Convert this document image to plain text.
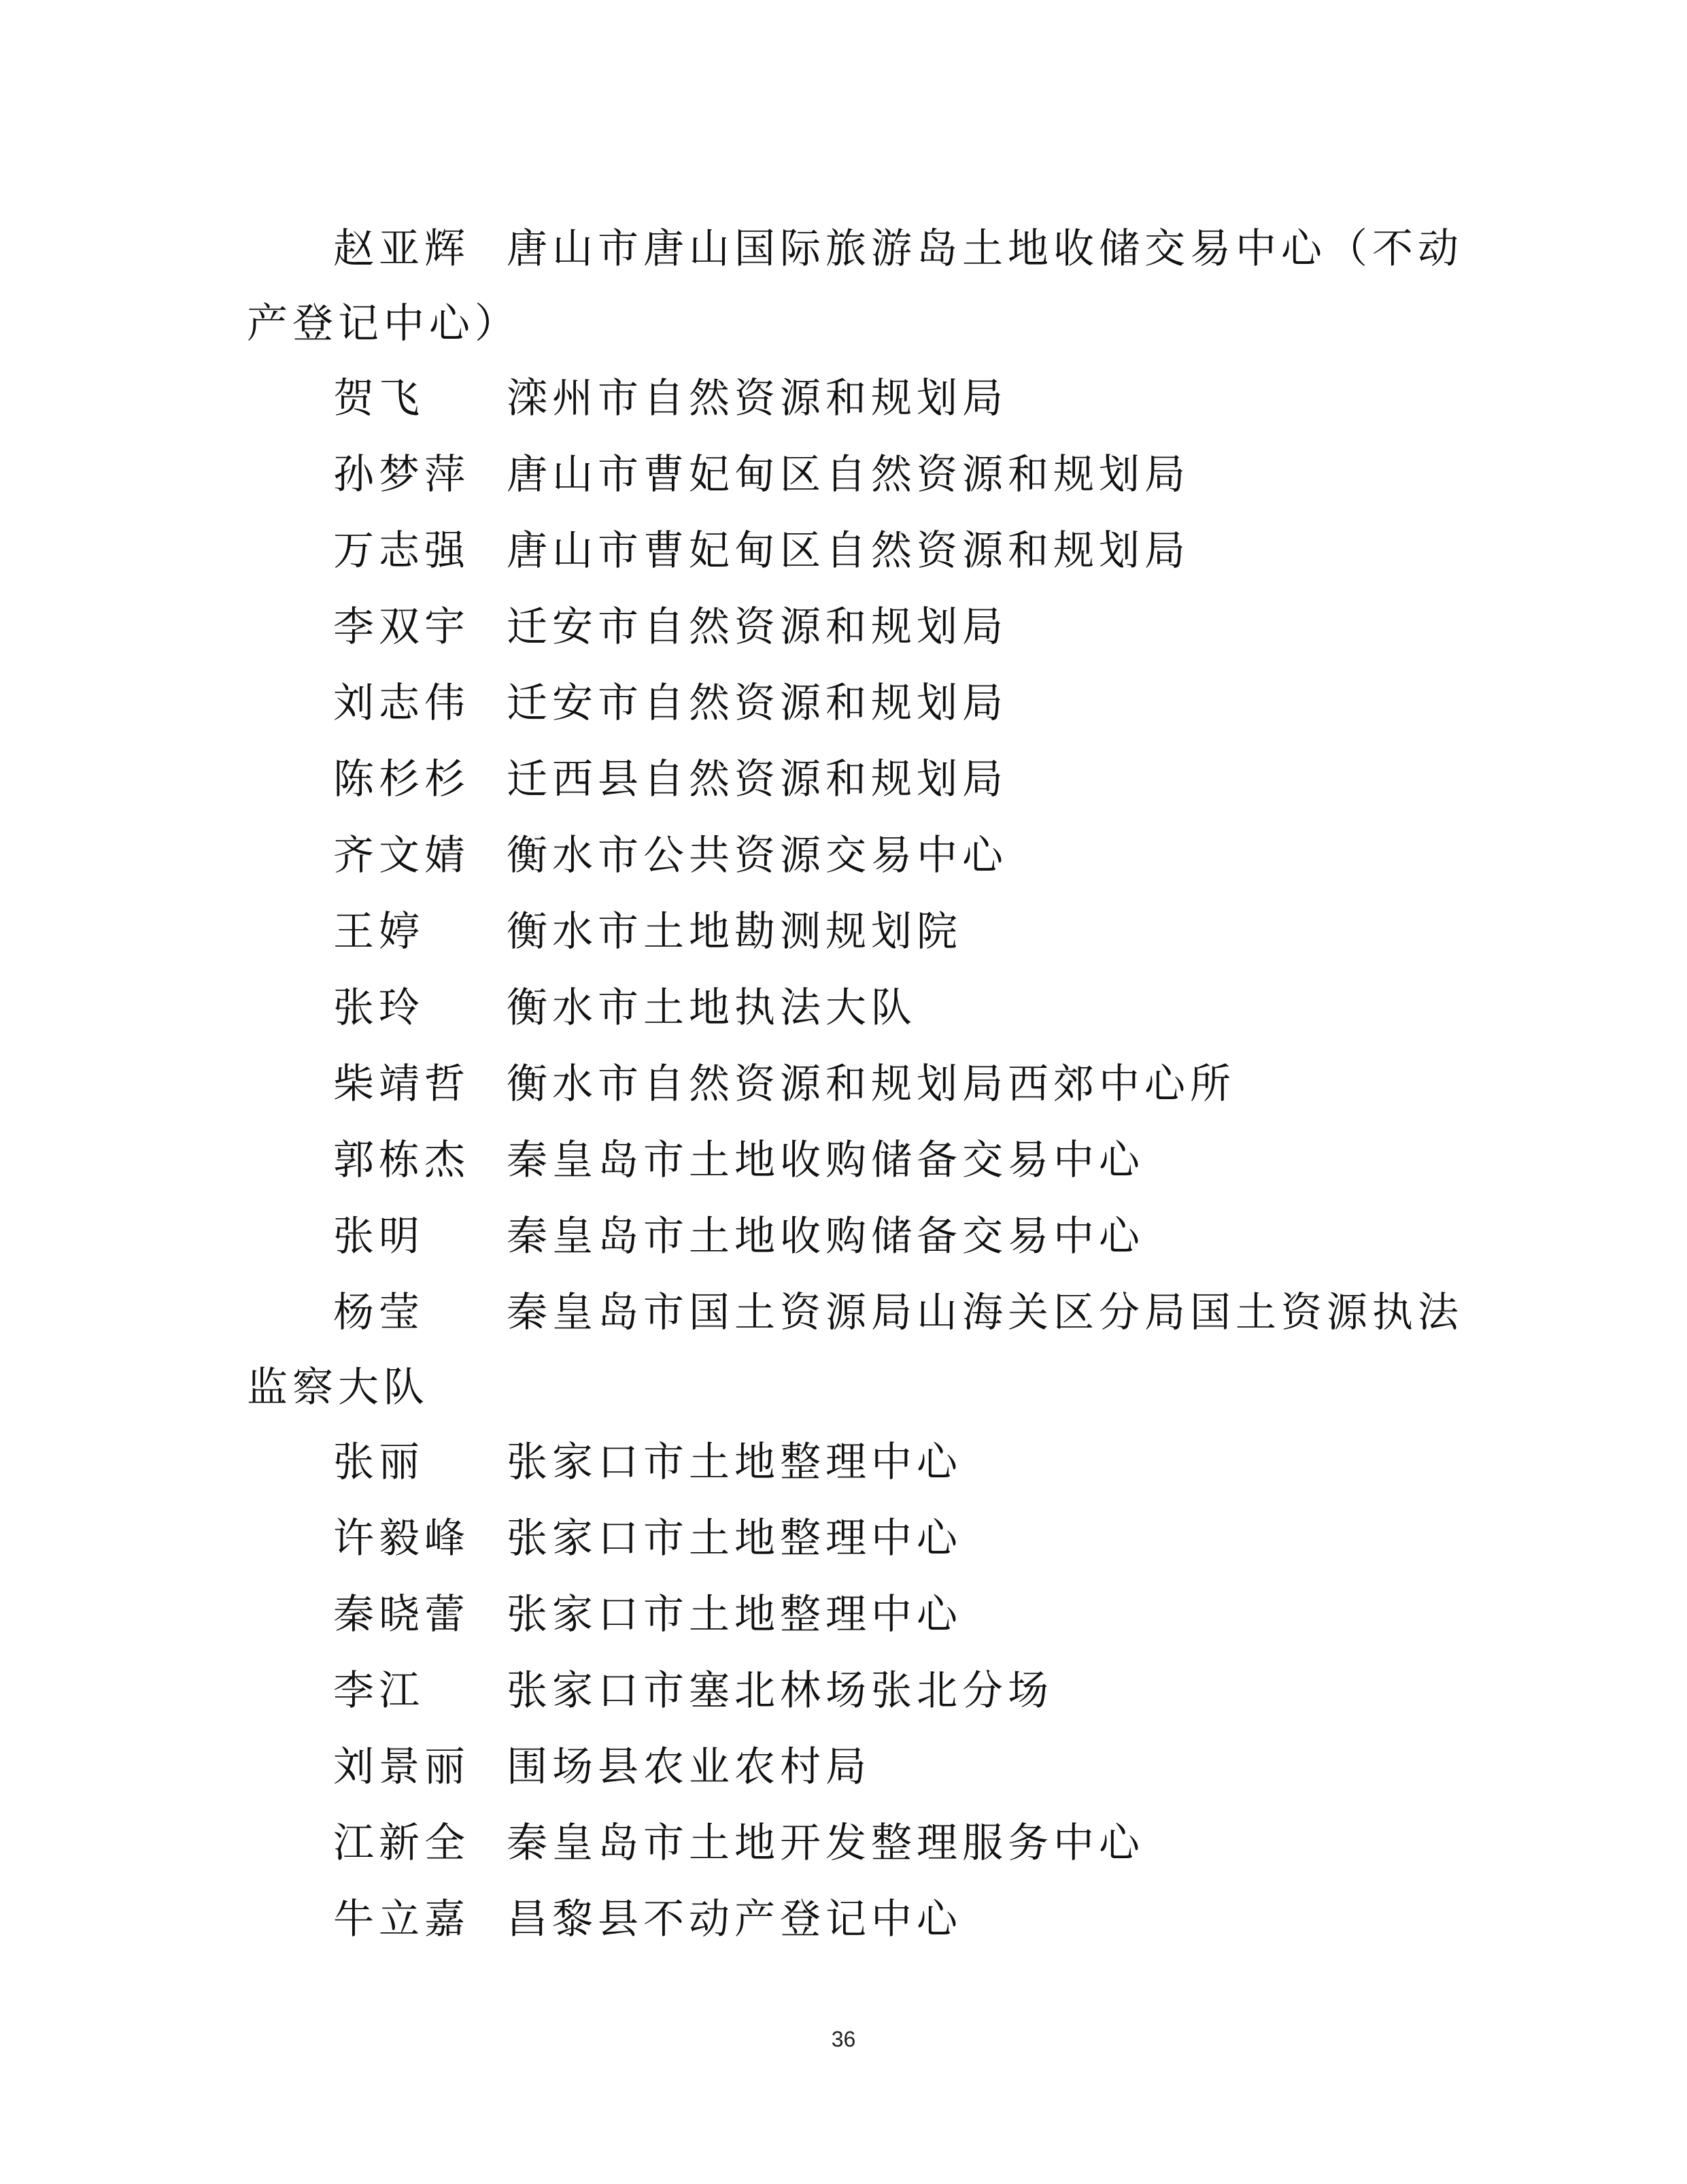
赵亚辉 唐山市唐山国际旅游岛土地收储交易中心（不动
产登记中心）
贺飞 滦州市自然资源和规划局
孙梦萍 唐山市曹妃甸区自然资源和规划局
万志强 唐山市曹妃甸区自然资源和规划局
李双宇 迁安市自然资源和规划局
刘志伟 迁安市自然资源和规划局
陈杉杉 迁西县自然资源和规划局
齐文婧 衡水市公共资源交易中心
王婷 衡水市土地勘测规划院
张玲 衡水市土地执法大队
柴靖哲 衡水市自然资源和规划局西郊中心所
郭栋杰 秦皇岛市土地收购储备交易中心
张明 秦皇岛市土地收购储备交易中心
杨莹 秦皇岛市国土资源局山海关区分局国土资源执法
监察大队
张丽 张家口市土地整理中心
许毅峰 张家口市土地整理中心
秦晓蕾 张家口市土地整理中心
李江 张家口市塞北林场张北分场
刘景丽 围场县农业农村局
江新全 秦皇岛市土地开发整理服务中心
牛立嘉 昌黎县不动产登记中心
36
